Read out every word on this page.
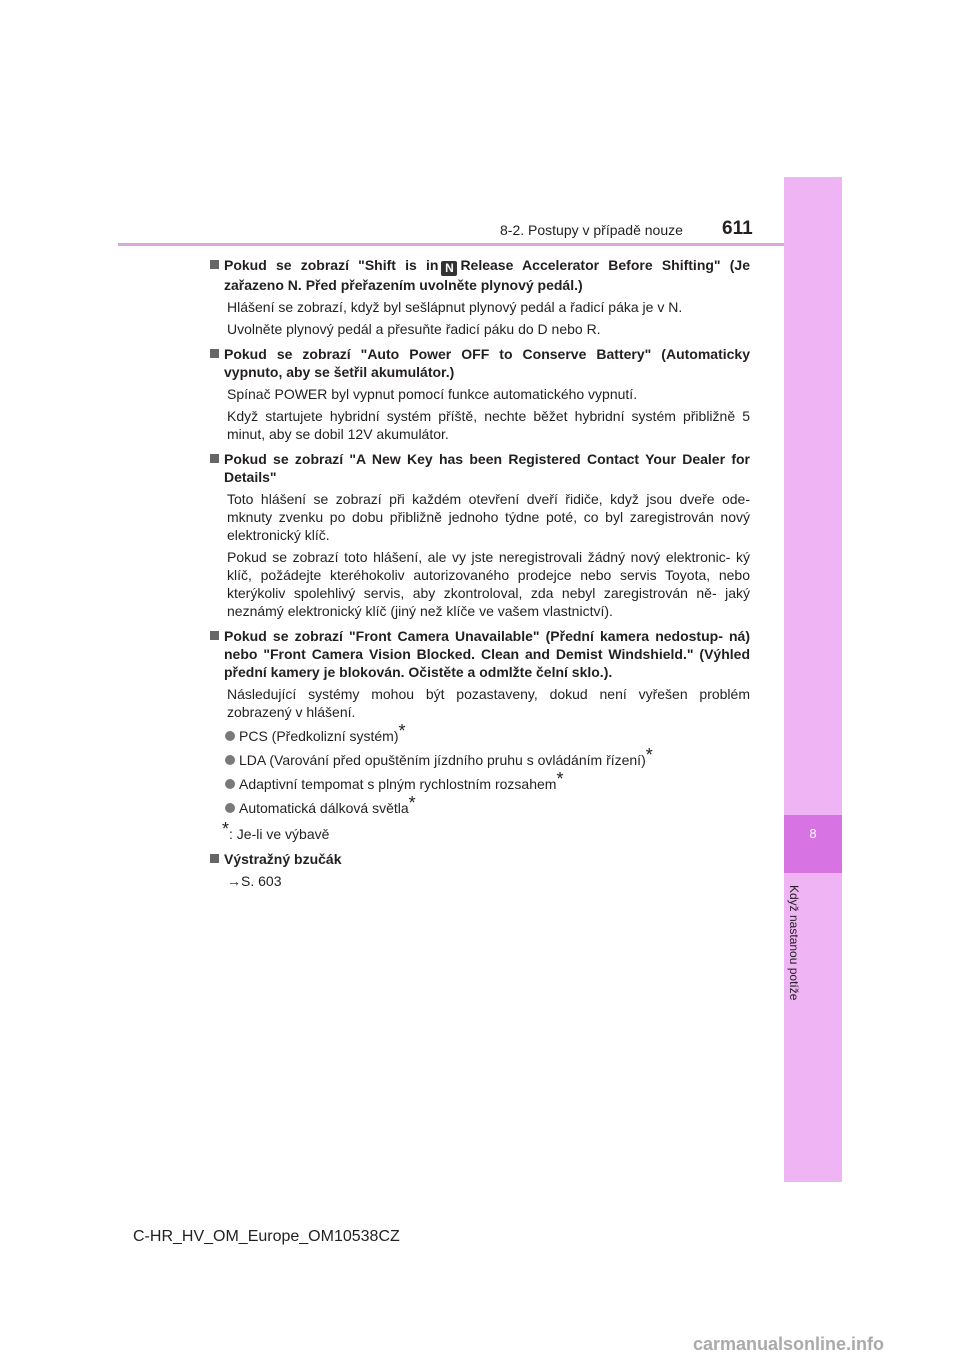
8
Když nastanou potíže
8-2. Postupy v případě nouze 611

Pokud se zobrazí "Shift is in N Release Accelerator Before Shifting" (Je zařazeno N. Před přeřazením uvolněte plynový pedál.)

Hlášení se zobrazí, když byl sešlápnut plynový pedál a řadicí páka je v N.

Uvolněte plynový pedál a přesuňte řadicí páku do D nebo R.

Pokud se zobrazí "Auto Power OFF to Conserve Battery" (Automaticky vypnuto, aby se šetřil akumulátor.)

Spínač POWER byl vypnut pomocí funkce automatického vypnutí.

Když startujete hybridní systém příště, nechte běžet hybridní systém přibližně 5 minut, aby se dobil 12V akumulátor.

Pokud se zobrazí "A New Key has been Registered Contact Your Dealer for Details"

Toto hlášení se zobrazí při každém otevření dveří řidiče, když jsou dveře ode- mknuty zvenku po dobu přibližně jednoho týdne poté, co byl zaregistrován nový elektronický klíč.

Pokud se zobrazí toto hlášení, ale vy jste neregistrovali žádný nový elektronic- ký klíč, požádejte kteréhokoliv autorizovaného prodejce nebo servis Toyota, nebo kterýkoliv spolehlivý servis, aby zkontroloval, zda nebyl zaregistrován ně- jaký neznámý elektronický klíč (jiný než klíče ve vašem vlastnictví).

Pokud se zobrazí "Front Camera Unavailable" (Přední kamera nedostup- ná) nebo "Front Camera Vision Blocked. Clean and Demist Windshield." (Výhled přední kamery je blokován. Očistěte a odmlžte čelní sklo.).

Následující systémy mohou být pozastaveny, dokud není vyřešen problém zobrazený v hlášení.

PCS (Předkolizní systém)*

LDA (Varování před opuštěním jízdního pruhu s ovládáním řízení)*

Adaptivní tempomat s plným rychlostním rozsahem*

Automatická dálková světla*

*: Je-li ve výbavě

Výstražný bzučák

→S. 603

C-HR_HV_OM_Europe_OM10538CZ
carmanualsonline.info
